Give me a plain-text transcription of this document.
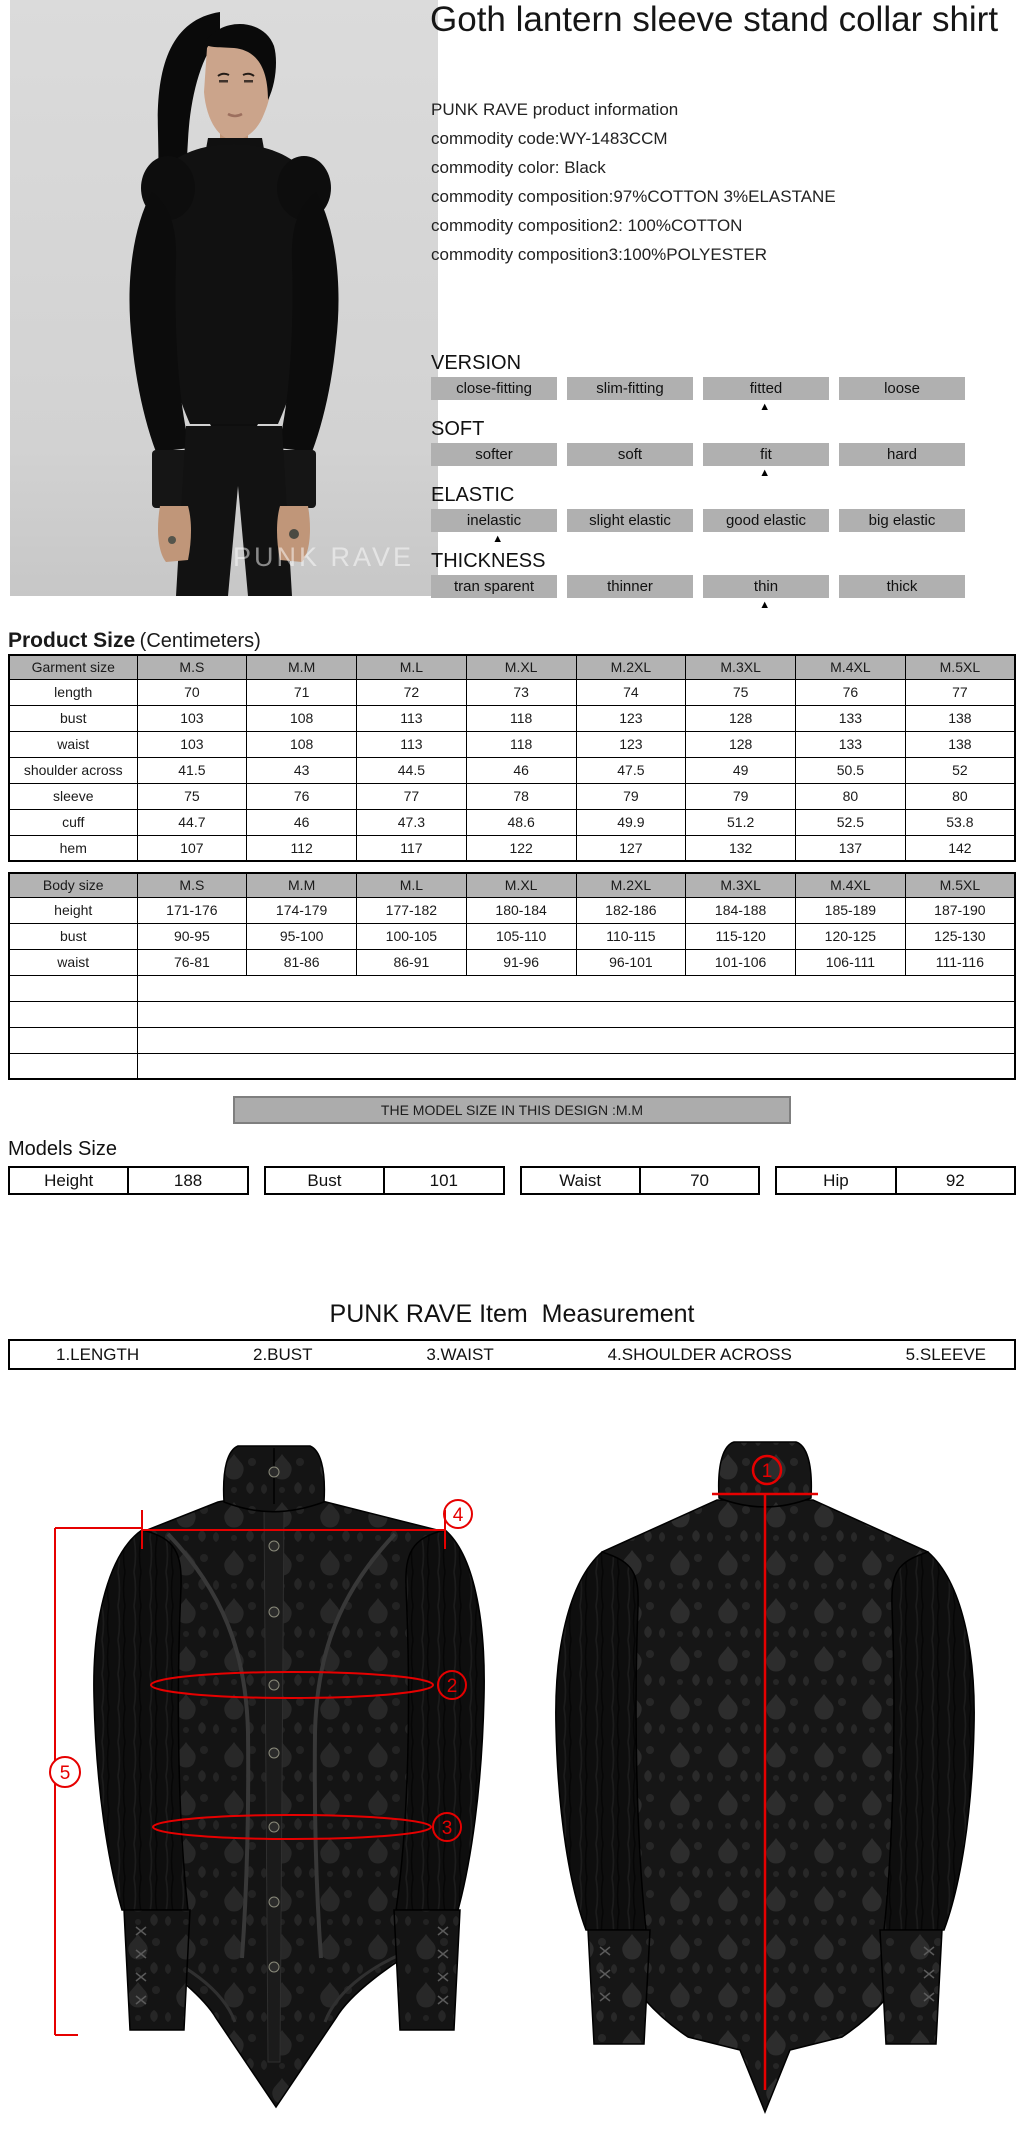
PUNK RAVE
Goth lantern sleeve stand collar shirt
PUNK RAVE product information
commodity code:WY-1483CCM
commodity color: Black
commodity composition:97%COTTON 3%ELASTANE
commodity composition2: 100%COTTON
commodity composition3:100%POLYESTER
VERSION
close-fitting	slim-fitting	fitted	loose
▲
SOFT
softer	soft	fit	hard
▲
ELASTIC
inelastic	slight elastic	good elastic	big elastic
▲
THICKNESS
tran sparent	thinner	thin	thick
▲
Product Size (Centimeters)
Garment size	M.S	M.M	M.L	M.XL	M.2XL	M.3XL	M.4XL	M.5XL
length	70	71	72	73	74	75	76	77
bust	103	108	113	118	123	128	133	138
waist	103	108	113	118	123	128	133	138
shoulder across	41.5	43	44.5	46	47.5	49	50.5	52
sleeve	75	76	77	78	79	79	80	80
cuff	44.7	46	47.3	48.6	49.9	51.2	52.5	53.8
hem	107	112	117	122	127	132	137	142
Body size	M.S	M.M	M.L	M.XL	M.2XL	M.3XL	M.4XL	M.5XL
height	171-176	174-179	177-182	180-184	182-186	184-188	185-189	187-190
bust	90-95	95-100	100-105	105-110	110-115	115-120	120-125	125-130
waist	76-81	81-86	86-91	91-96	96-101	101-106	106-111	111-116

THE MODEL SIZE IN THIS DESIGN :M.M
Models Size
Height	188	Bust	101	Waist	70	Hip	92
PUNK RAVE Item  Measurement
1.LENGTH	2.BUST	3.WAIST	4.SHOULDER ACROSS	5.SLEEVE
4
2
3
5
1
